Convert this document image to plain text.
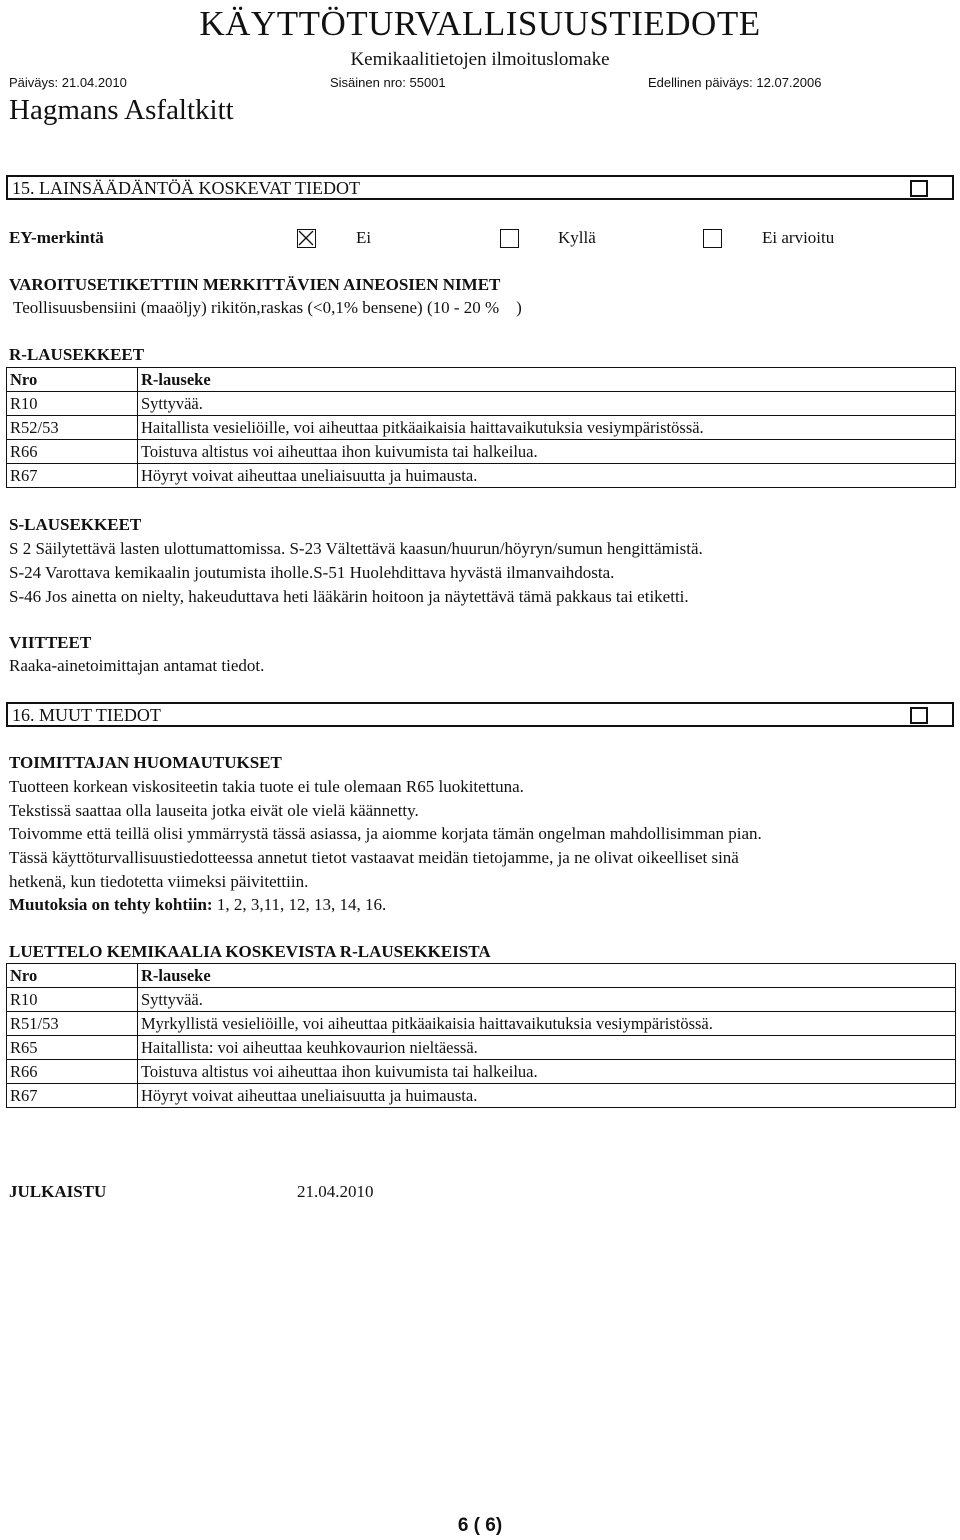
KÄYTTÖTURVALLISUUSTIEDOTE
Kemikaalitietojen ilmoituslomake
Päiväys: 21.04.2010	Sisäinen nro: 55001	Edellinen päiväys: 12.07.2006
Hagmans Asfaltkitt
15. LAINSÄÄDÄNTÖÄ KOSKEVAT TIEDOT
EY-merkintä	Ei	Kyllä	Ei arvioitu
VAROITUSETIKETTIIN MERKITTÄVIEN AINEOSIEN NIMET
Teollisuusbensiini (maaöljy) rikitön,raskas (<0,1% bensene) (10 - 20 %    )
R-LAUSEKKEET
Nro	R-lauseke
R10	Syttyvää.
R52/53	Haitallista vesieliöille, voi aiheuttaa pitkäaikaisia haittavaikutuksia vesiympäristössä.
R66	Toistuva altistus voi aiheuttaa ihon kuivumista tai halkeilua.
R67	Höyryt voivat aiheuttaa uneliaisuutta ja huimausta.
S-LAUSEKKEET
S 2 Säilytettävä lasten ulottumattomissa. S-23 Vältettävä kaasun/huurun/höyryn/sumun hengittämistä.
S-24 Varottava kemikaalin joutumista iholle.S-51 Huolehdittava hyvästä ilmanvaihdosta.
S-46 Jos ainetta on nielty, hakeuduttava heti lääkärin hoitoon ja näytettävä tämä pakkaus tai etiketti.
VIITTEET
Raaka-ainetoimittajan antamat tiedot.
16. MUUT TIEDOT
TOIMITTAJAN HUOMAUTUKSET
Tuotteen korkean viskositeetin takia tuote ei tule olemaan R65 luokitettuna.
Tekstissä saattaa olla lauseita jotka eivät ole vielä käännetty.
Toivomme että teillä olisi ymmärrystä tässä asiassa, ja aiomme korjata tämän ongelman mahdollisimman pian.
Tässä käyttöturvallisuustiedotteessa annetut tietot vastaavat meidän tietojamme, ja ne olivat oikeelliset sinä
hetkenä, kun tiedotetta viimeksi päivitettiin.
Muutoksia on tehty kohtiin: 1, 2, 3,11, 12, 13, 14, 16.
LUETTELO KEMIKAALIA KOSKEVISTA R-LAUSEKKEISTA
Nro	R-lauseke
R10	Syttyvää.
R51/53	Myrkyllistä vesieliöille, voi aiheuttaa pitkäaikaisia haittavaikutuksia vesiympäristössä.
R65	Haitallista: voi aiheuttaa keuhkovaurion nieltäessä.
R66	Toistuva altistus voi aiheuttaa ihon kuivumista tai halkeilua.
R67	Höyryt voivat aiheuttaa uneliaisuutta ja huimausta.
JULKAISTU	21.04.2010
6 ( 6)
